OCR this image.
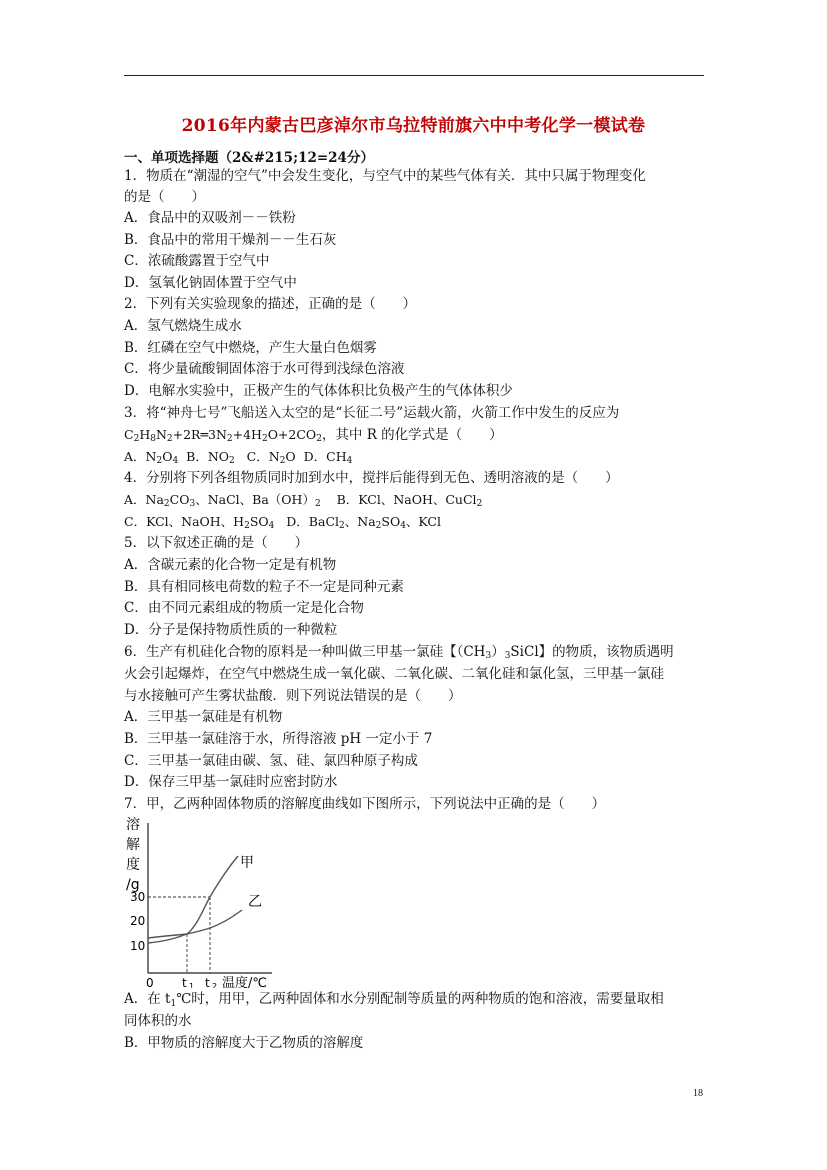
2016年内蒙古巴彦淖尔市乌拉特前旗六中中考化学一模试卷
一、单项选择题（2&#215;12=24分）
1．物质在“潮湿的空气”中会发生变化，与空气中的某些气体有关．其中只属于物理变化
的是（　　）
A．食品中的双吸剂－－铁粉
B．食品中的常用干燥剂－－生石灰
C．浓硫酸露置于空气中
D．氢氧化钠固体置于空气中
2．下列有关实验现象的描述，正确的是（　　）
A．氢气燃烧生成水
B．红磷在空气中燃烧，产生大量白色烟雾
C．将少量硫酸铜固体溶于水可得到浅绿色溶液
D．电解水实验中，正极产生的气体体积比负极产生的气体体积少
3．将“神舟七号”飞船送入太空的是“长征二号”运载火箭，火箭工作中发生的反应为
$C_2H_8N_2+2R═3N_2+4H_2O+2CO_2$，其中 R 的化学式是（　　）
A．$N_2O_4$  B．$NO_2$   C．$N_2O$  D．$CH_4$
4．分别将下列各组物质同时加到水中，搅拌后能得到无色、透明溶液的是（　　）
A．$Na_2CO_3$、NaCl、$Ba(OH)_2$    B．KCl、NaOH、CuCl$_2$
C．KCl、NaOH、$H_2SO_4$   D．BaCl$_2$、$Na_2SO_4$、KCl
5．以下叙述正确的是（　　）
A．含碳元素的化合物一定是有机物
B．具有相同核电荷数的粒子不一定是同种元素
C．由不同元素组成的物质一定是化合物
D．分子是保持物质性质的一种微粒
6．生产有机硅化合物的原料是一种叫做三甲基一氯硅【$(CH_3)_3SiCl$】的物质，该物质遇明
火会引起爆炸，在空气中燃烧生成一氧化碳、二氧化碳、二氧化硅和氯化氢，三甲基一氯硅
与水接触可产生雾状盐酸．则下列说法错误的是（　　）
A．三甲基一氯硅是有机物
B．三甲基一氯硅溶于水，所得溶液 pH 一定小于 7
C．三甲基一氯硅由碳、氢、硅、氯四种原子构成
D．保存三甲基一氯硅时应密封防水
7．甲，乙两种固体物质的溶解度曲线如下图所示，下列说法中正确的是（　　）
溶
解
度
/g
30
20
10
甲
乙
0 t 1 t 2 温度/℃
A．在 $t_1℃$时，用甲，乙两种固体和水分别配制等质量的两种物质的饱和溶液，需要量取相
同体积的水
B．甲物质的溶解度大于乙物质的溶解度
18
